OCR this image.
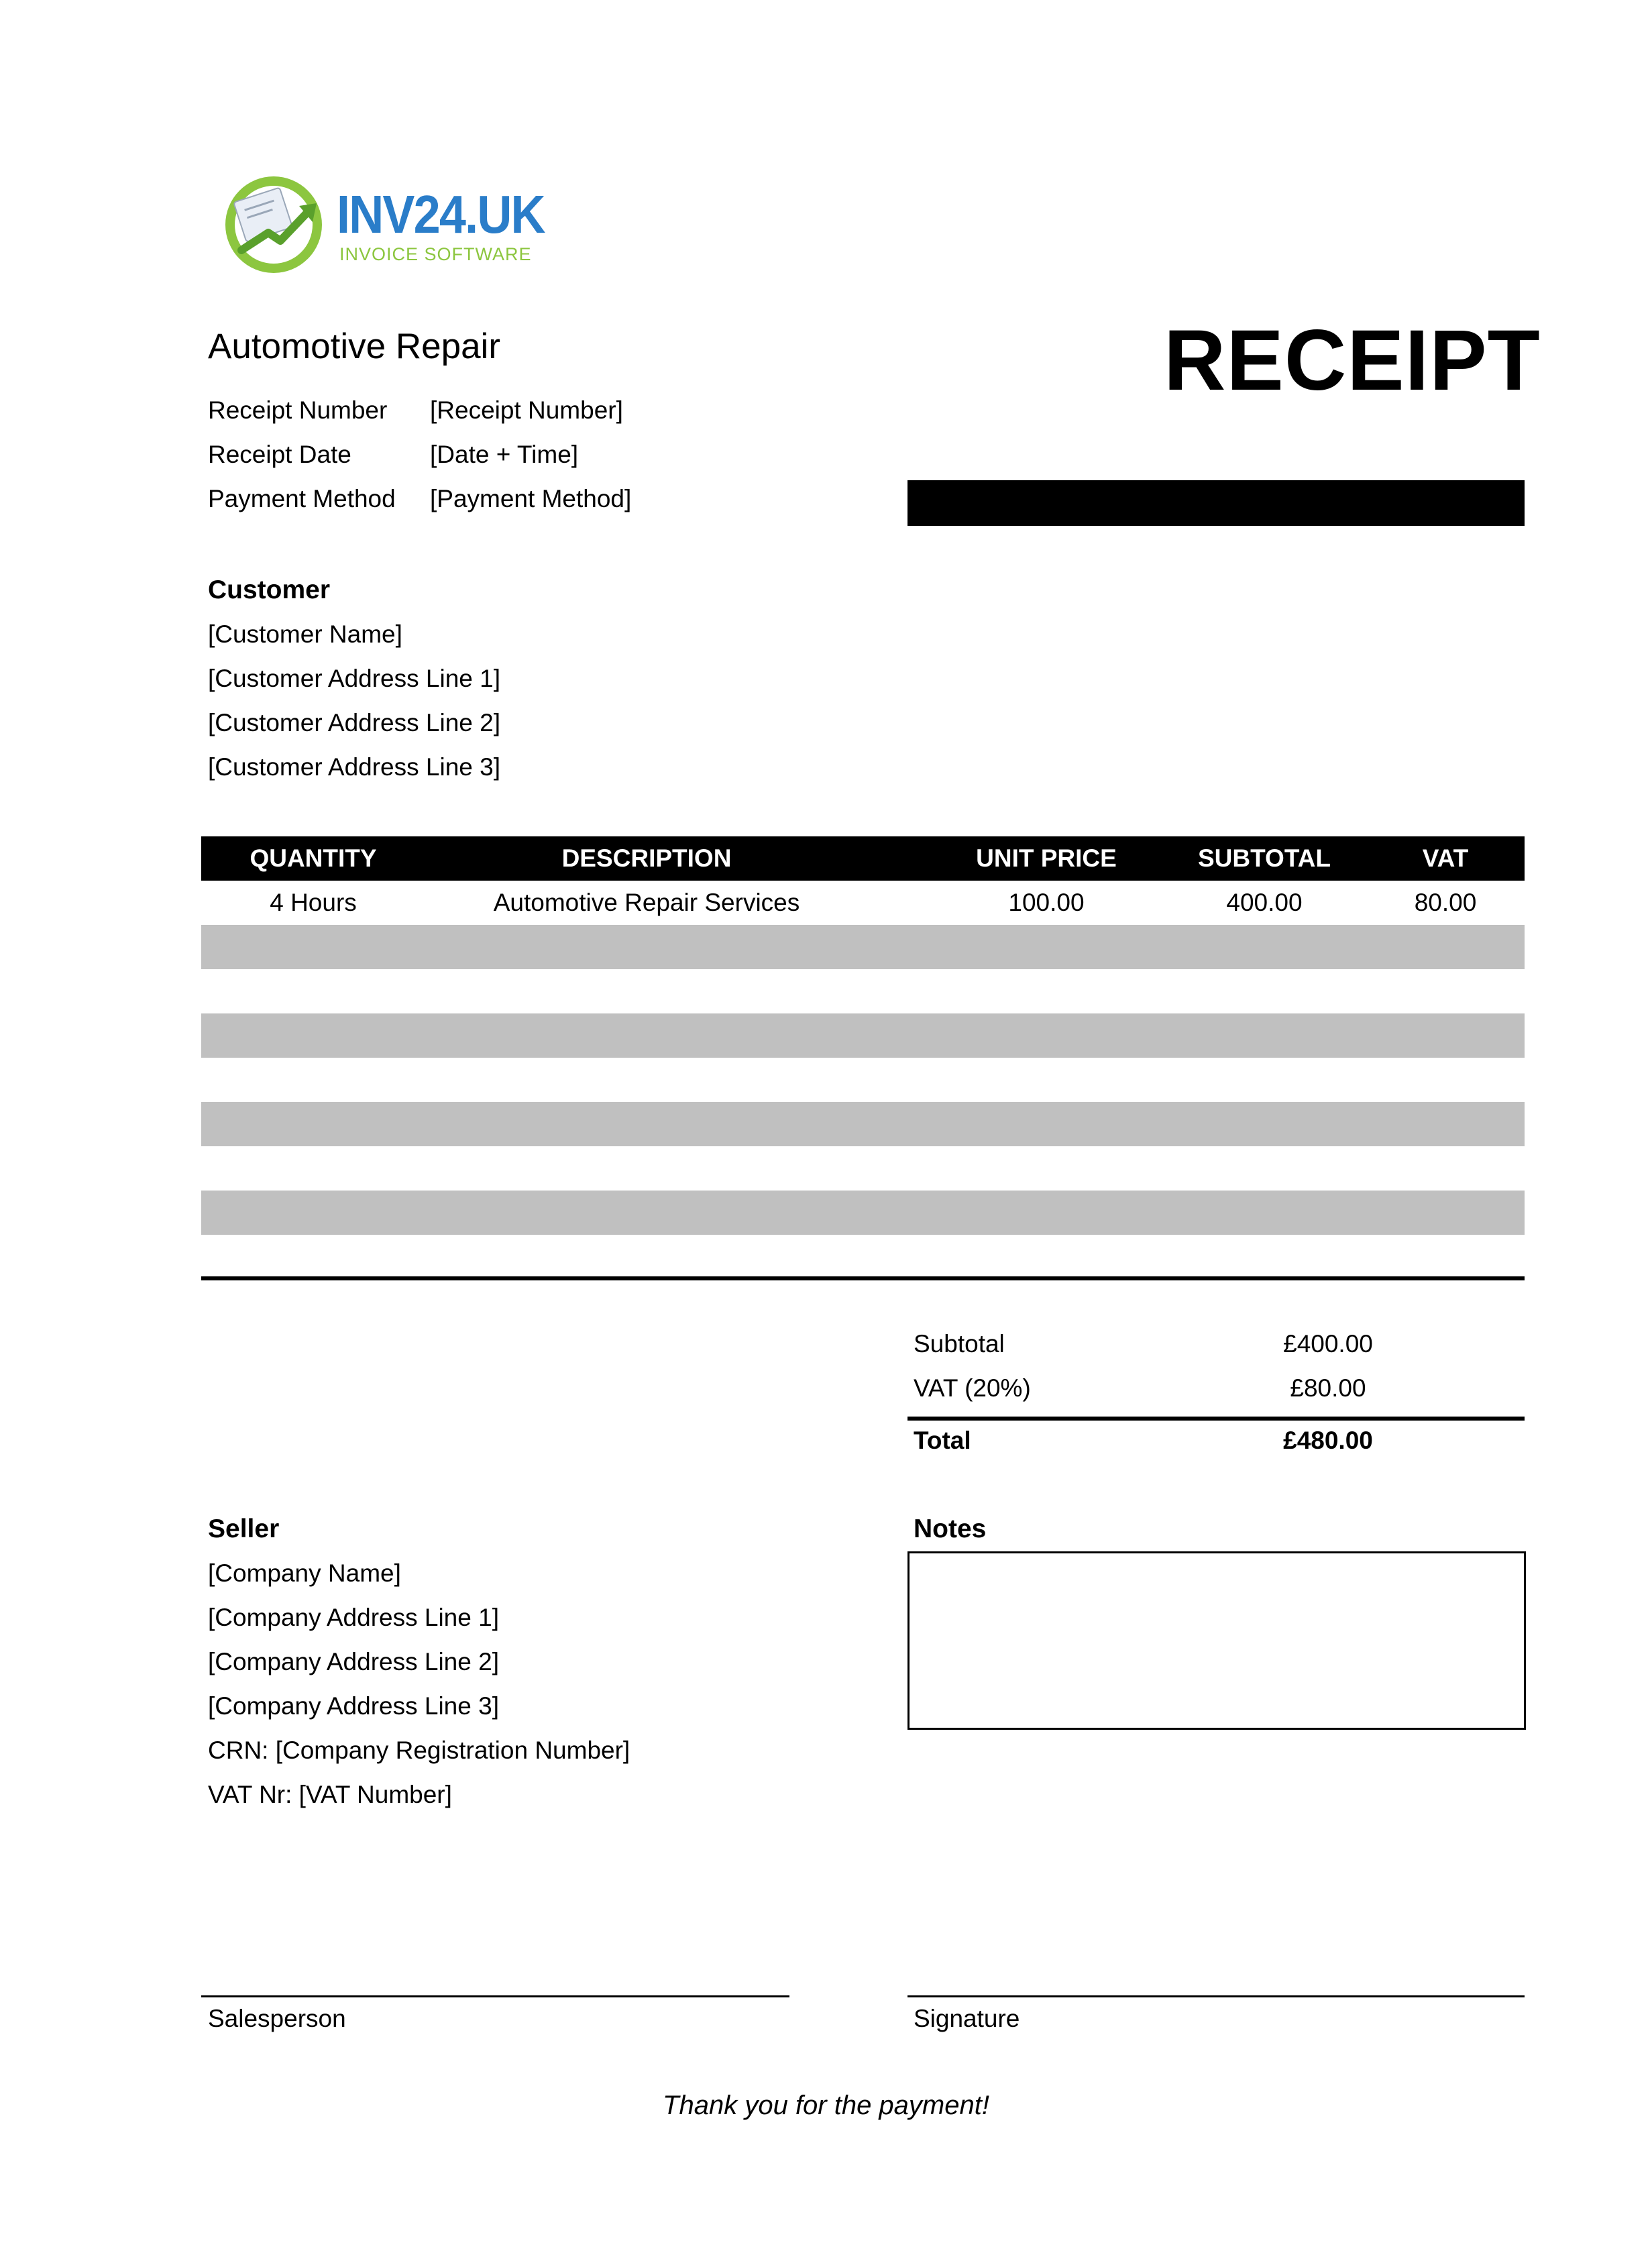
INV24.UK
INVOICE SOFTWARE
Automotive Repair	RECEIPT
Receipt Number [Receipt Number]
Receipt Date	[Date + Time]
Payment Method [Payment Method]
Customer
[Customer Name]
[Customer Address Line 1]
[Customer Address Line 2]
[Customer Address Line 3]
QUANTITY	DESCRIPTION	UNIT PRICE	SUBTOTAL	VAT
4 Hours	Automotive Repair Services	100.00	400.00	80.00
Subtotal	£400.00
VAT (20%)	£80.00
Total	£480.00
Seller
[Company Name]
[Company Address Line 1]
[Company Address Line 2]
[Company Address Line 3]
CRN: [Company Registration Number]
VAT Nr: [VAT Number]
Notes
Salesperson	Signature
Thank you for the payment!
